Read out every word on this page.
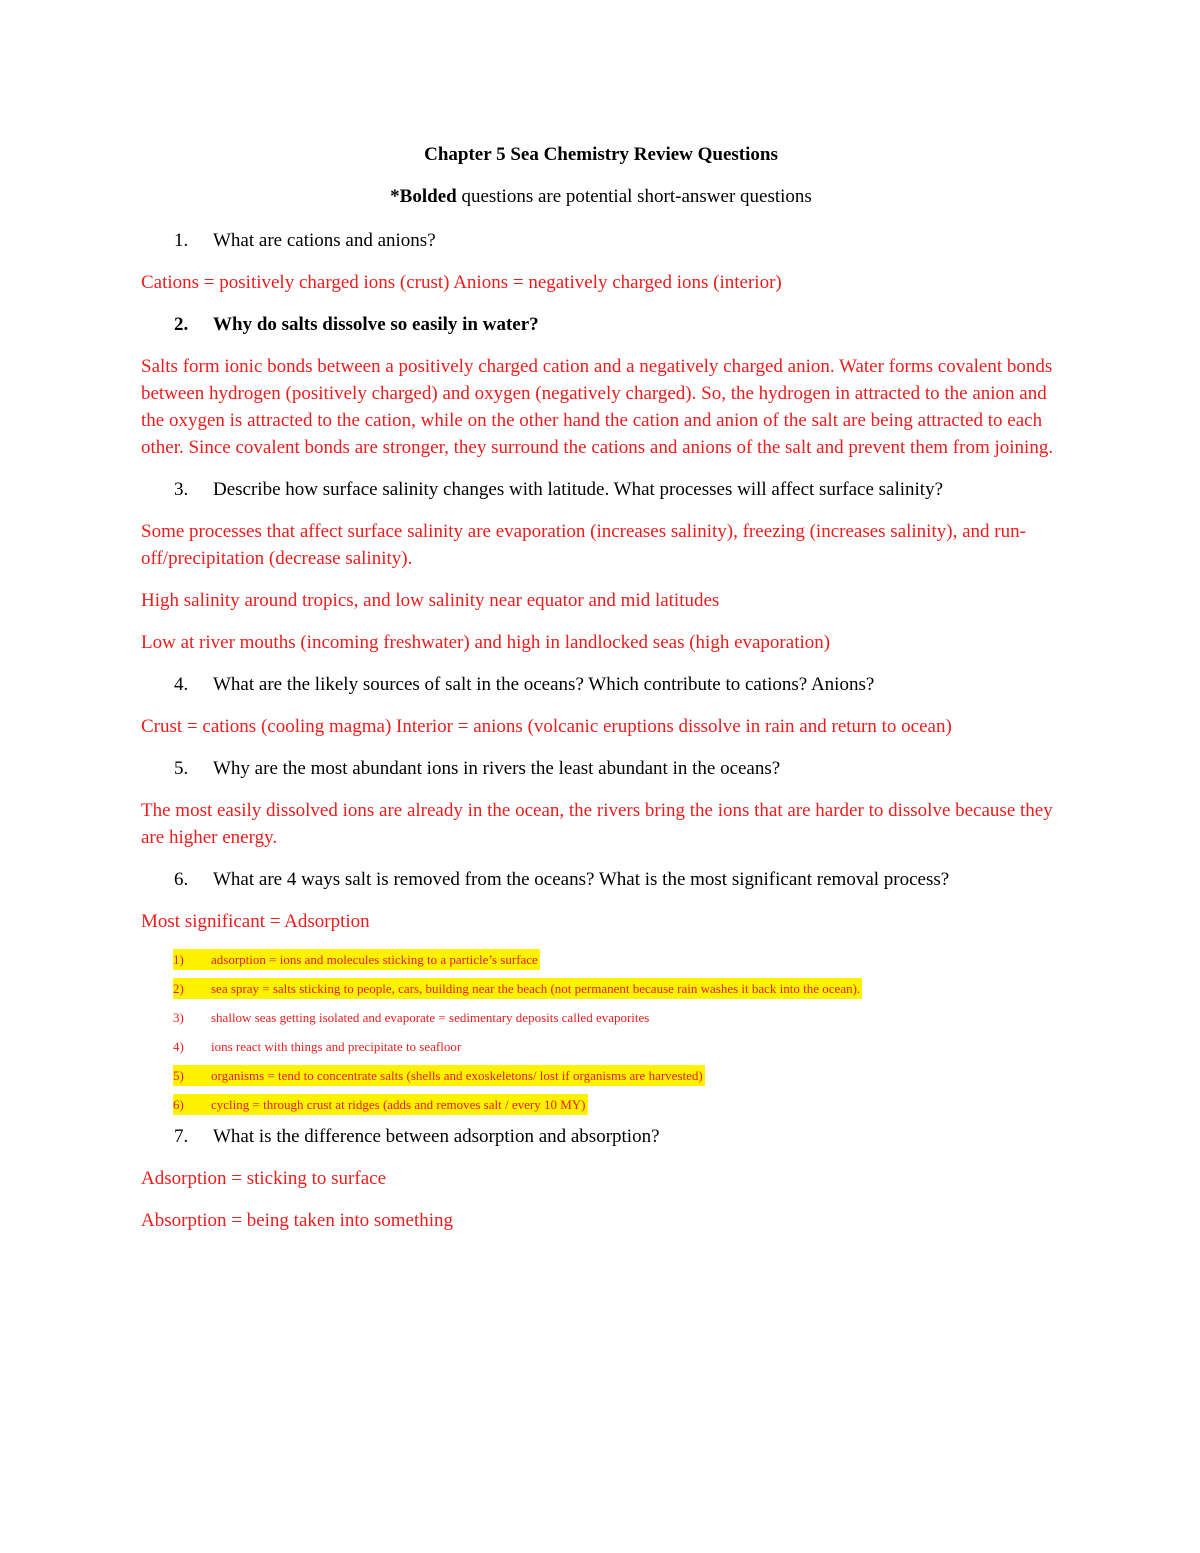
Chapter 5 Sea Chemistry Review Questions
*Bolded questions are potential short-answer questions
1. What are cations and anions?
Cations = positively charged ions (crust) Anions = negatively charged ions (interior)
2. Why do salts dissolve so easily in water?
Salts form ionic bonds between a positively charged cation and a negatively charged anion. Water forms covalent bonds between hydrogen (positively charged) and oxygen (negatively charged). So, the hydrogen in attracted to the anion and the oxygen is attracted to the cation, while on the other hand the cation and anion of the salt are being attracted to each other. Since covalent bonds are stronger, they surround the cations and anions of the salt and prevent them from joining.
3. Describe how surface salinity changes with latitude. What processes will affect surface salinity?
Some processes that affect surface salinity are evaporation (increases salinity), freezing (increases salinity), and run-off/precipitation (decrease salinity).
High salinity around tropics, and low salinity near equator and mid latitudes
Low at river mouths (incoming freshwater) and high in landlocked seas (high evaporation)
4. What are the likely sources of salt in the oceans? Which contribute to cations? Anions?
Crust = cations (cooling magma) Interior = anions (volcanic eruptions dissolve in rain and return to ocean)
5. Why are the most abundant ions in rivers the least abundant in the oceans?
The most easily dissolved ions are already in the ocean, the rivers bring the ions that are harder to dissolve because they are higher energy.
6. What are 4 ways salt is removed from the oceans? What is the most significant removal process?
Most significant = Adsorption
1)	adsorption = ions and molecules sticking to a particle’s surface
2)	sea spray = salts sticking to people, cars, building near the beach (not permanent because rain washes it back into the ocean).
3)	shallow seas getting isolated and evaporate = sedimentary deposits called evaporites
4)	ions react with things and precipitate to seafloor
5)	organisms = tend to concentrate salts (shells and exoskeletons/ lost if organisms are harvested)
6)	cycling = through crust at ridges (adds and removes salt / every 10 MY)
7. What is the difference between adsorption and absorption?
Adsorption = sticking to surface
Absorption = being taken into something
